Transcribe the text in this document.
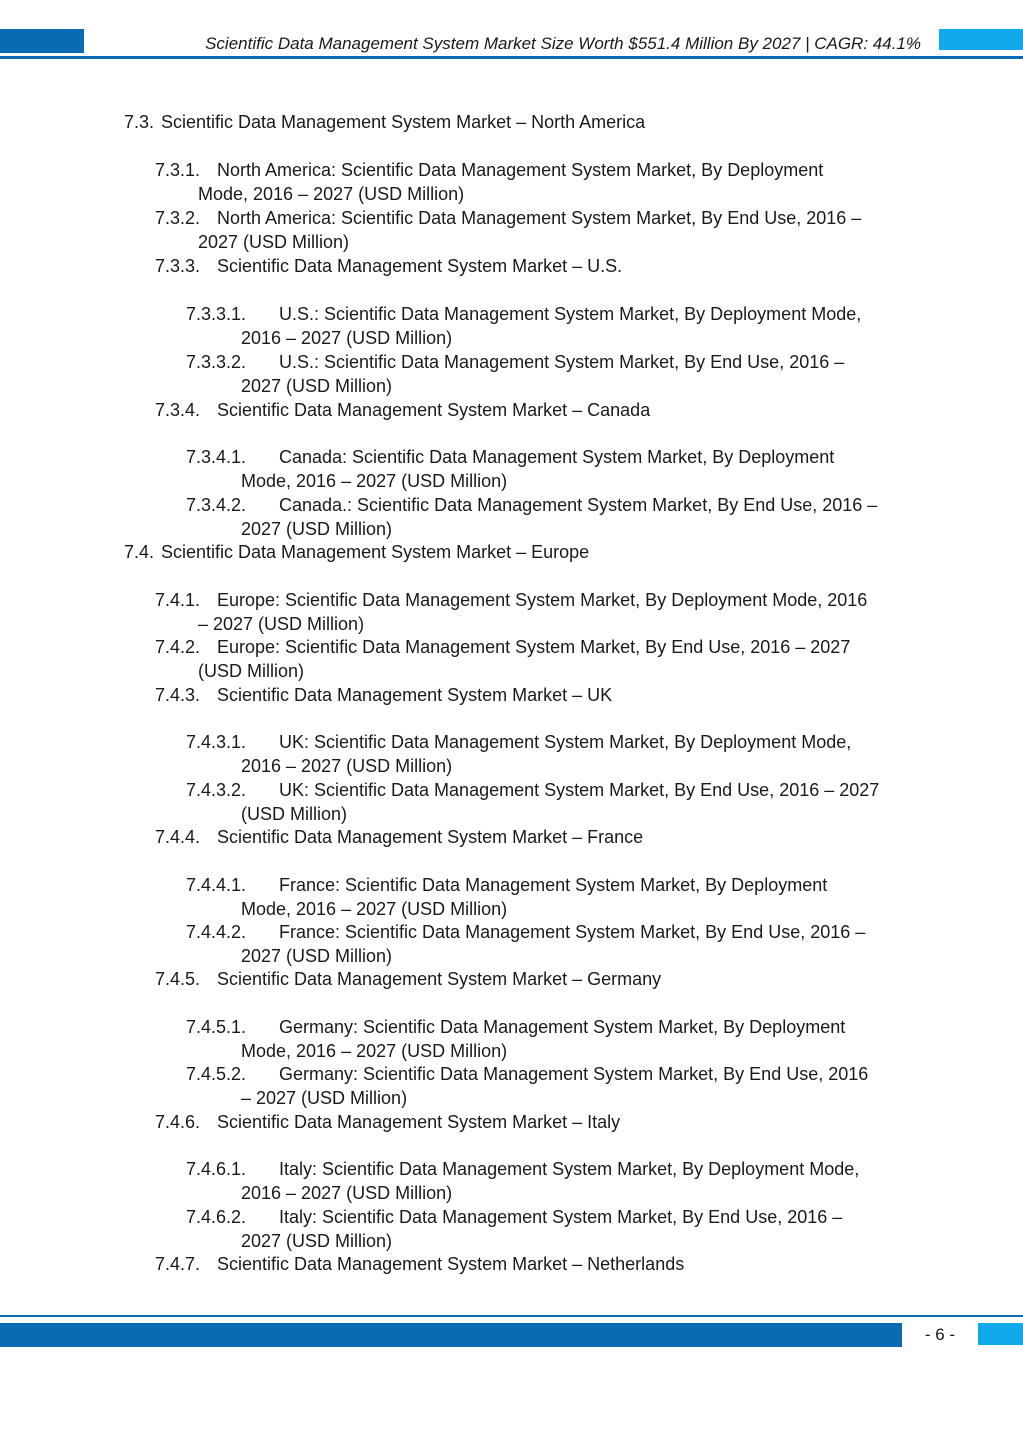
Scientific Data Management System Market Size Worth $551.4 Million By 2027 | CAGR: 44.1%
7.3. Scientific Data Management System Market – North America
7.3.1. North America: Scientific Data Management System Market, By Deployment
Mode, 2016 – 2027 (USD Million)
7.3.2. North America: Scientific Data Management System Market, By End Use, 2016 –
2027 (USD Million)
7.3.3. Scientific Data Management System Market – U.S.
7.3.3.1. U.S.: Scientific Data Management System Market, By Deployment Mode,
2016 – 2027 (USD Million)
7.3.3.2. U.S.: Scientific Data Management System Market, By End Use, 2016 –
2027 (USD Million)
7.3.4. Scientific Data Management System Market – Canada
7.3.4.1. Canada: Scientific Data Management System Market, By Deployment
Mode, 2016 – 2027 (USD Million)
7.3.4.2. Canada.: Scientific Data Management System Market, By End Use, 2016 –
2027 (USD Million)
7.4. Scientific Data Management System Market – Europe
7.4.1. Europe: Scientific Data Management System Market, By Deployment Mode, 2016
– 2027 (USD Million)
7.4.2. Europe: Scientific Data Management System Market, By End Use, 2016 – 2027
(USD Million)
7.4.3. Scientific Data Management System Market – UK
7.4.3.1. UK: Scientific Data Management System Market, By Deployment Mode,
2016 – 2027 (USD Million)
7.4.3.2. UK: Scientific Data Management System Market, By End Use, 2016 – 2027
(USD Million)
7.4.4. Scientific Data Management System Market – France
7.4.4.1. France: Scientific Data Management System Market, By Deployment
Mode, 2016 – 2027 (USD Million)
7.4.4.2. France: Scientific Data Management System Market, By End Use, 2016 –
2027 (USD Million)
7.4.5. Scientific Data Management System Market – Germany
7.4.5.1. Germany: Scientific Data Management System Market, By Deployment
Mode, 2016 – 2027 (USD Million)
7.4.5.2. Germany: Scientific Data Management System Market, By End Use, 2016
– 2027 (USD Million)
7.4.6. Scientific Data Management System Market – Italy
7.4.6.1. Italy: Scientific Data Management System Market, By Deployment Mode,
2016 – 2027 (USD Million)
7.4.6.2. Italy: Scientific Data Management System Market, By End Use, 2016 –
2027 (USD Million)
7.4.7. Scientific Data Management System Market – Netherlands
- 6 -
